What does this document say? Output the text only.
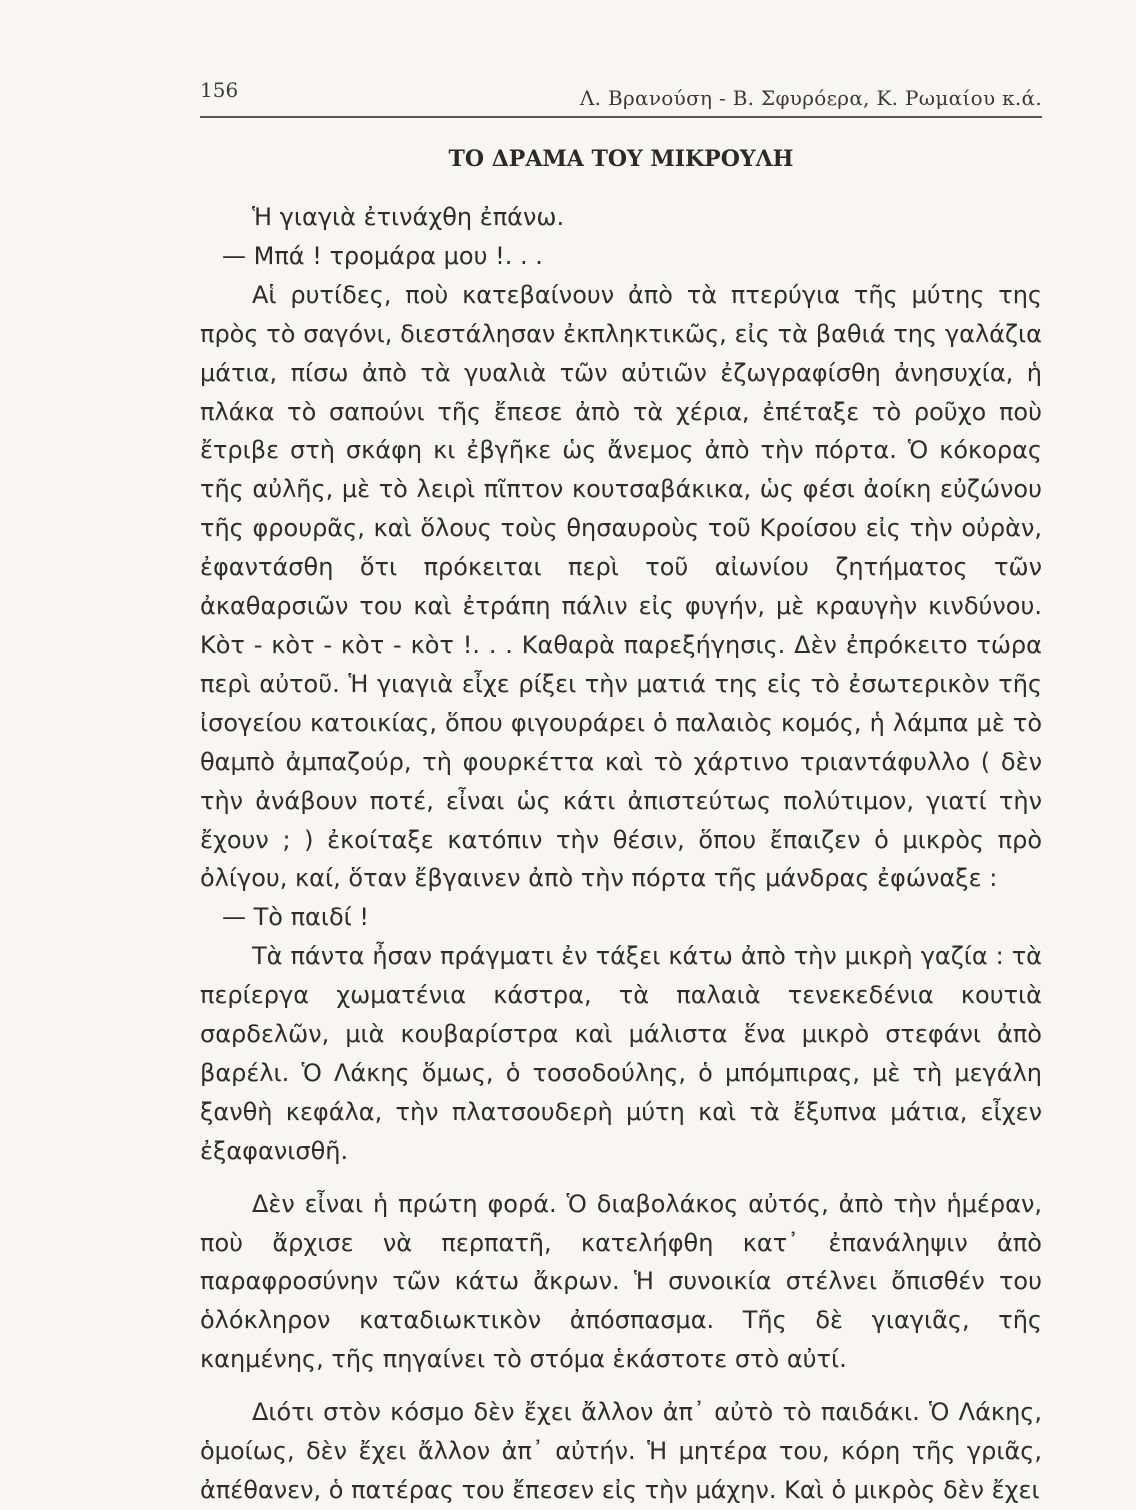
156	Λ. Βρανούση - Β. Σφυρόερα, Κ. Ρωμαίου κ.ά.
ΤΟ ΔΡΑΜΑ ΤΟΥ ΜΙΚΡΟΥΛΗ

Ἡ γιαγιὰ ἐτινάχθη ἐπάνω.

— Μπά ! τρομάρα μου !. . .

Αἱ ρυτίδες, ποὺ κατεβαίνουν ἀπὸ τὰ πτερύγια τῆς μύτης της πρὸς τὸ σαγόνι, διεστάλησαν ἐκπληκτικῶς, εἰς τὰ βαθιά της γαλάζια μάτια, πίσω ἀπὸ τὰ γυαλιὰ τῶν αὐτιῶν ἐζωγραφίσθη ἀνησυχία, ἡ πλάκα τὸ σαπούνι τῆς ἔπεσε ἀπὸ τὰ χέρια, ἐπέταξε τὸ ροῦχο ποὺ ἔτριβε στὴ σκάφη κι ἐβγῆκε ὡς ἄνεμος ἀπὸ τὴν πόρτα. Ὁ κόκορας τῆς αὐλῆς, μὲ τὸ λειρὶ πῖπτον κουτσαβάκικα, ὡς φέσι ἀοίκη εὐζώνου τῆς φρουρᾶς, καὶ ὅλους τοὺς θησαυροὺς τοῦ Κροίσου εἰς τὴν οὐρὰν, ἐφαντάσθη ὅτι πρόκειται περὶ τοῦ αἰωνίου ζητήματος τῶν ἀκαθαρσιῶν του καὶ ἐτράπη πάλιν εἰς φυγήν, μὲ κραυγὴν κινδύνου. Κὸτ - κὸτ - κὸτ - κὸτ !. . . Καθαρὰ παρεξήγησις. Δὲν ἐπρόκειτο τώρα περὶ αὐτοῦ. Ἡ γιαγιὰ εἶχε ρίξει τὴν ματιά της εἰς τὸ ἐσωτερικὸν τῆς ἰσογείου κατοικίας, ὅπου φιγουράρει ὁ παλαιὸς κομός, ἡ λάμπα μὲ τὸ θαμπὸ ἀμπαζούρ, τὴ φουρκέττα καὶ τὸ χάρτινο τριαντάφυλλο ( δὲν τὴν ἀνάβουν ποτέ, εἶναι ὡς κάτι ἀπιστεύτως πολύτιμον, γιατί τὴν ἔχουν ; ) ἐκοίταξε κατόπιν τὴν θέσιν, ὅπου ἔπαιζεν ὁ μικρὸς πρὸ ὀλίγου, καί, ὅταν ἔβγαινεν ἀπὸ τὴν πόρτα τῆς μάνδρας ἐφώναξε :

— Τὸ παιδί !

Τὰ πάντα ἦσαν πράγματι ἐν τάξει κάτω ἀπὸ τὴν μικρὴ γαζία : τὰ περίεργα χωματένια κάστρα, τὰ παλαιὰ τενεκεδένια κουτιὰ σαρδελῶν, μιὰ κουβαρίστρα καὶ μάλιστα ἕνα μικρὸ στεφάνι ἀπὸ βαρέλι. Ὁ Λάκης ὅμως, ὁ τοσοδούλης, ὁ μπόμπιρας, μὲ τὴ μεγάλη ξανθὴ κεφάλα, τὴν πλατσουδερὴ μύτη καὶ τὰ ἔξυπνα μάτια, εἶχεν ἐξαφανισθῆ.

Δὲν εἶναι ἡ πρώτη φορά. Ὁ διαβολάκος αὐτός, ἀπὸ τὴν ἡμέραν, ποὺ ἄρχισε νὰ περπατῆ, κατελήφθη κατ᾿ ἐπανάληψιν ἀπὸ παραφροσύνην τῶν κάτω ἄκρων. Ἡ συνοικία στέλνει ὄπισθέν του ὁλόκληρον καταδιωκτικὸν ἀπόσπασμα. Τῆς δὲ γιαγιᾶς, τῆς καημένης, τῆς πηγαίνει τὸ στόμα ἑκάστοτε στὸ αὐτί.

Διότι στὸν κόσμο δὲν ἔχει ἄλλον ἀπ᾿ αὐτὸ τὸ παιδάκι. Ὁ Λάκης, ὁμοίως, δὲν ἔχει ἄλλον ἀπ᾿ αὐτήν. Ἡ μητέρα του, κόρη τῆς γριᾶς, ἀπέθανεν, ὁ πατέρας του ἔπεσεν εἰς τὴν μάχην. Καὶ ὁ μικρὸς δὲν ἔχει
